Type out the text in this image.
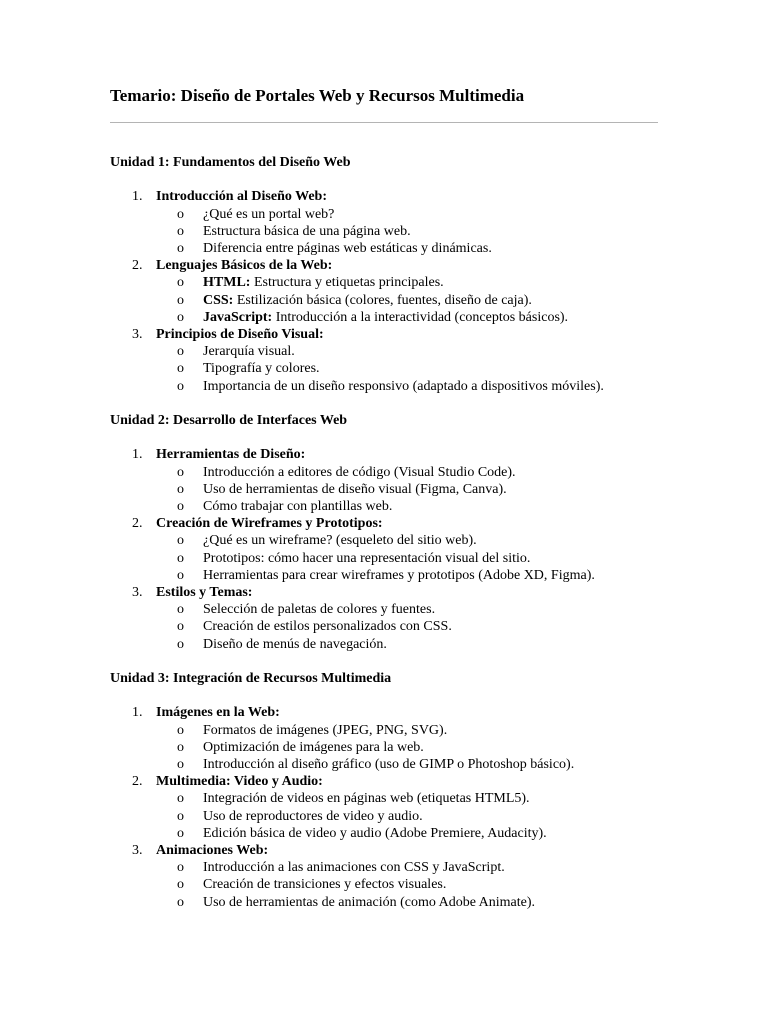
Temario: Diseño de Portales Web y Recursos Multimedia
Unidad 1: Fundamentos del Diseño Web
1. Introducción al Diseño Web:
o ¿Qué es un portal web?
o Estructura básica de una página web.
o Diferencia entre páginas web estáticas y dinámicas.
2. Lenguajes Básicos de la Web:
o HTML: Estructura y etiquetas principales.
o CSS: Estilización básica (colores, fuentes, diseño de caja).
o JavaScript: Introducción a la interactividad (conceptos básicos).
3. Principios de Diseño Visual:
o Jerarquía visual.
o Tipografía y colores.
o Importancia de un diseño responsivo (adaptado a dispositivos móviles).
Unidad 2: Desarrollo de Interfaces Web
1. Herramientas de Diseño:
o Introducción a editores de código (Visual Studio Code).
o Uso de herramientas de diseño visual (Figma, Canva).
o Cómo trabajar con plantillas web.
2. Creación de Wireframes y Prototipos:
o ¿Qué es un wireframe? (esqueleto del sitio web).
o Prototipos: cómo hacer una representación visual del sitio.
o Herramientas para crear wireframes y prototipos (Adobe XD, Figma).
3. Estilos y Temas:
o Selección de paletas de colores y fuentes.
o Creación de estilos personalizados con CSS.
o Diseño de menús de navegación.
Unidad 3: Integración de Recursos Multimedia
1. Imágenes en la Web:
o Formatos de imágenes (JPEG, PNG, SVG).
o Optimización de imágenes para la web.
o Introducción al diseño gráfico (uso de GIMP o Photoshop básico).
2. Multimedia: Video y Audio:
o Integración de videos en páginas web (etiquetas HTML5).
o Uso de reproductores de video y audio.
o Edición básica de video y audio (Adobe Premiere, Audacity).
3. Animaciones Web:
o Introducción a las animaciones con CSS y JavaScript.
o Creación de transiciones y efectos visuales.
o Uso de herramientas de animación (como Adobe Animate).
